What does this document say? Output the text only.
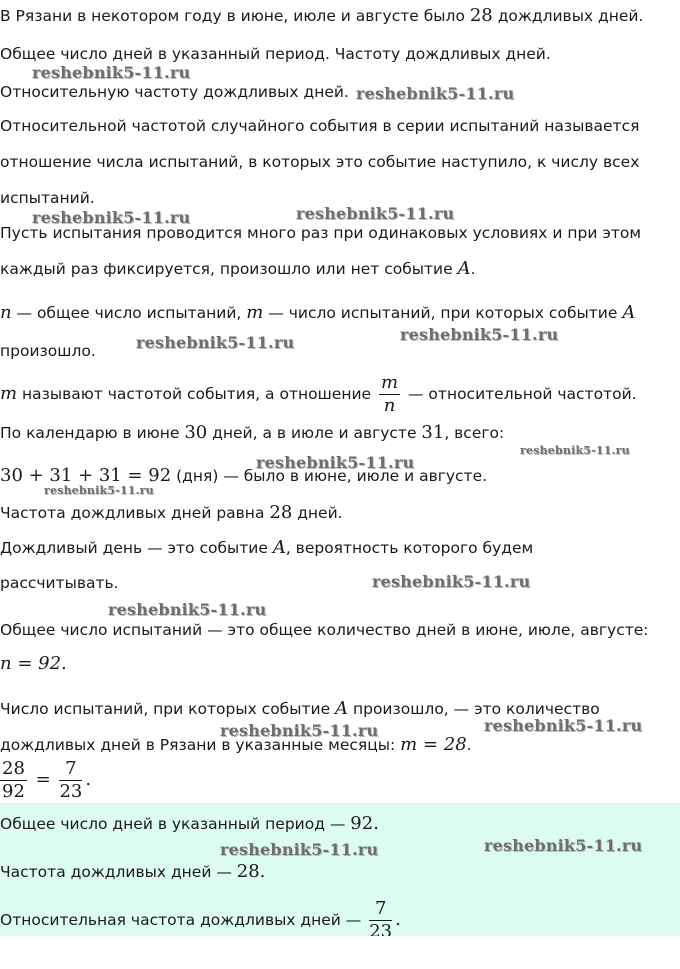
В Рязани в некотором году в июне, июле и августе было 28 дождливых дней.
Общее число дней в указанный период. Частоту дождливых дней.
Относительную частоту дождливых дней.
Относительной частотой случайного события в серии испытаний называется
отношение числа испытаний, в которых это событие наступило, к числу всех
испытаний.
Пусть испытания проводится много раз при одинаковых условиях и при этом
каждый раз фиксируется, произошло или нет событие A.
n — общее число испытаний, m — число испытаний, при которых событие A
произошло.
m называют частотой события, а отношение $\frac{m}{n}$ — относительной частотой.
По календарю в июне 30 дней, а в июле и августе 31, всего:
30 + 31 + 31 = 92 (дня) — было в июне, июле и августе.
Частота дождливых дней равна 28 дней.
Дождливый день — это событие A, вероятность которого будем
рассчитывать.
Общее число испытаний — это общее количество дней в июне, июле, августе:
n = 92.
Число испытаний, при которых событие A произошло, — это количество
дождливых дней в Рязани в указанные месяцы: m = 28.
$\frac{28}{92} = \frac{7}{23}$ .
Общее число дней в указанный период — 92.
Частота дождливых дней — 28.
Относительная частота дождливых дней — $\frac{7}{23}$ .
reshebnik5-11.ru
reshebnik5-11.ru
reshebnik5-11.ru	reshebnik5-11.ru
reshebnik5-11.ru
reshebnik5-11.ru
reshebnik5-11.ru
reshebnik5-11.ru
reshebnik5-11.ru
reshebnik5-11.ru
reshebnik5-11.ru
reshebnik5-11.ru
reshebnik5-11.ru
reshebnik5-11.ru
reshebnik5-11.ru
